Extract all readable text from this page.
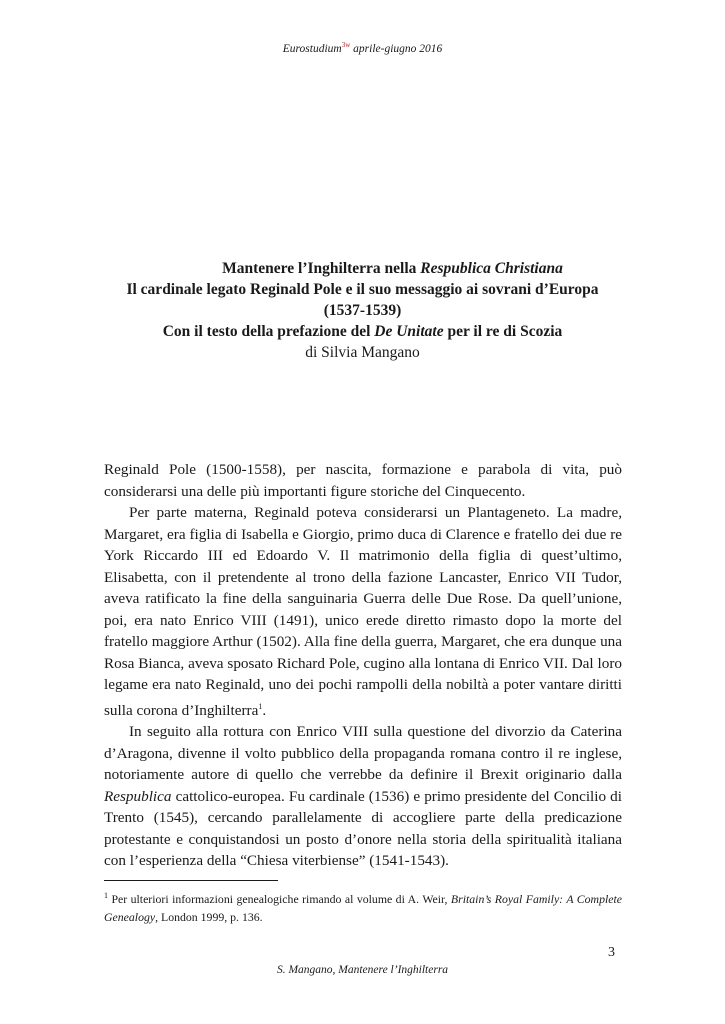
Eurostudium$^{3w}$ aprile-giugno 2016
Mantenere l’Inghilterra nella Respublica Christiana
Il cardinale legato Reginald Pole e il suo messaggio ai sovrani d’Europa
(1537-1539)
Con il testo della prefazione del De Unitate per il re di Scozia
di Silvia Mangano

Reginald Pole (1500-1558), per nascita, formazione e parabola di vita, può considerarsi una delle più importanti figure storiche del Cinquecento.

Per parte materna, Reginald poteva considerarsi un Plantageneto. La madre, Margaret, era figlia di Isabella e Giorgio, primo duca di Clarence e fratello dei due re York Riccardo III ed Edoardo V. Il matrimonio della figlia di quest’ultimo, Elisabetta, con il pretendente al trono della fazione Lancaster, Enrico VII Tudor, aveva ratificato la fine della sanguinaria Guerra delle Due Rose. Da quell’unione, poi, era nato Enrico VIII (1491), unico erede diretto rimasto dopo la morte del fratello maggiore Arthur (1502). Alla fine della guerra, Margaret, che era dunque una Rosa Bianca, aveva sposato Richard Pole, cugino alla lontana di Enrico VII. Dal loro legame era nato Reginald, uno dei pochi rampolli della nobiltà a poter vantare diritti sulla corona d’Inghilterra$^1$.

In seguito alla rottura con Enrico VIII sulla questione del divorzio da Caterina d’Aragona, divenne il volto pubblico della propaganda romana contro il re inglese, notoriamente autore di quello che verrebbe da definire il Brexit originario dalla Respublica cattolico-europea. Fu cardinale (1536) e primo presidente del Concilio di Trento (1545), cercando parallelamente di accogliere parte della predicazione protestante e conquistandosi un posto d’onore nella storia della spiritualità italiana con l’esperienza della “Chiesa viterbiense” (1541-1543).

$^1$ Per ulteriori informazioni genealogiche rimando al volume di A. Weir, Britain’s Royal Family: A Complete Genealogy, London 1999, p. 136.
3
S. Mangano, Mantenere l’Inghilterra
